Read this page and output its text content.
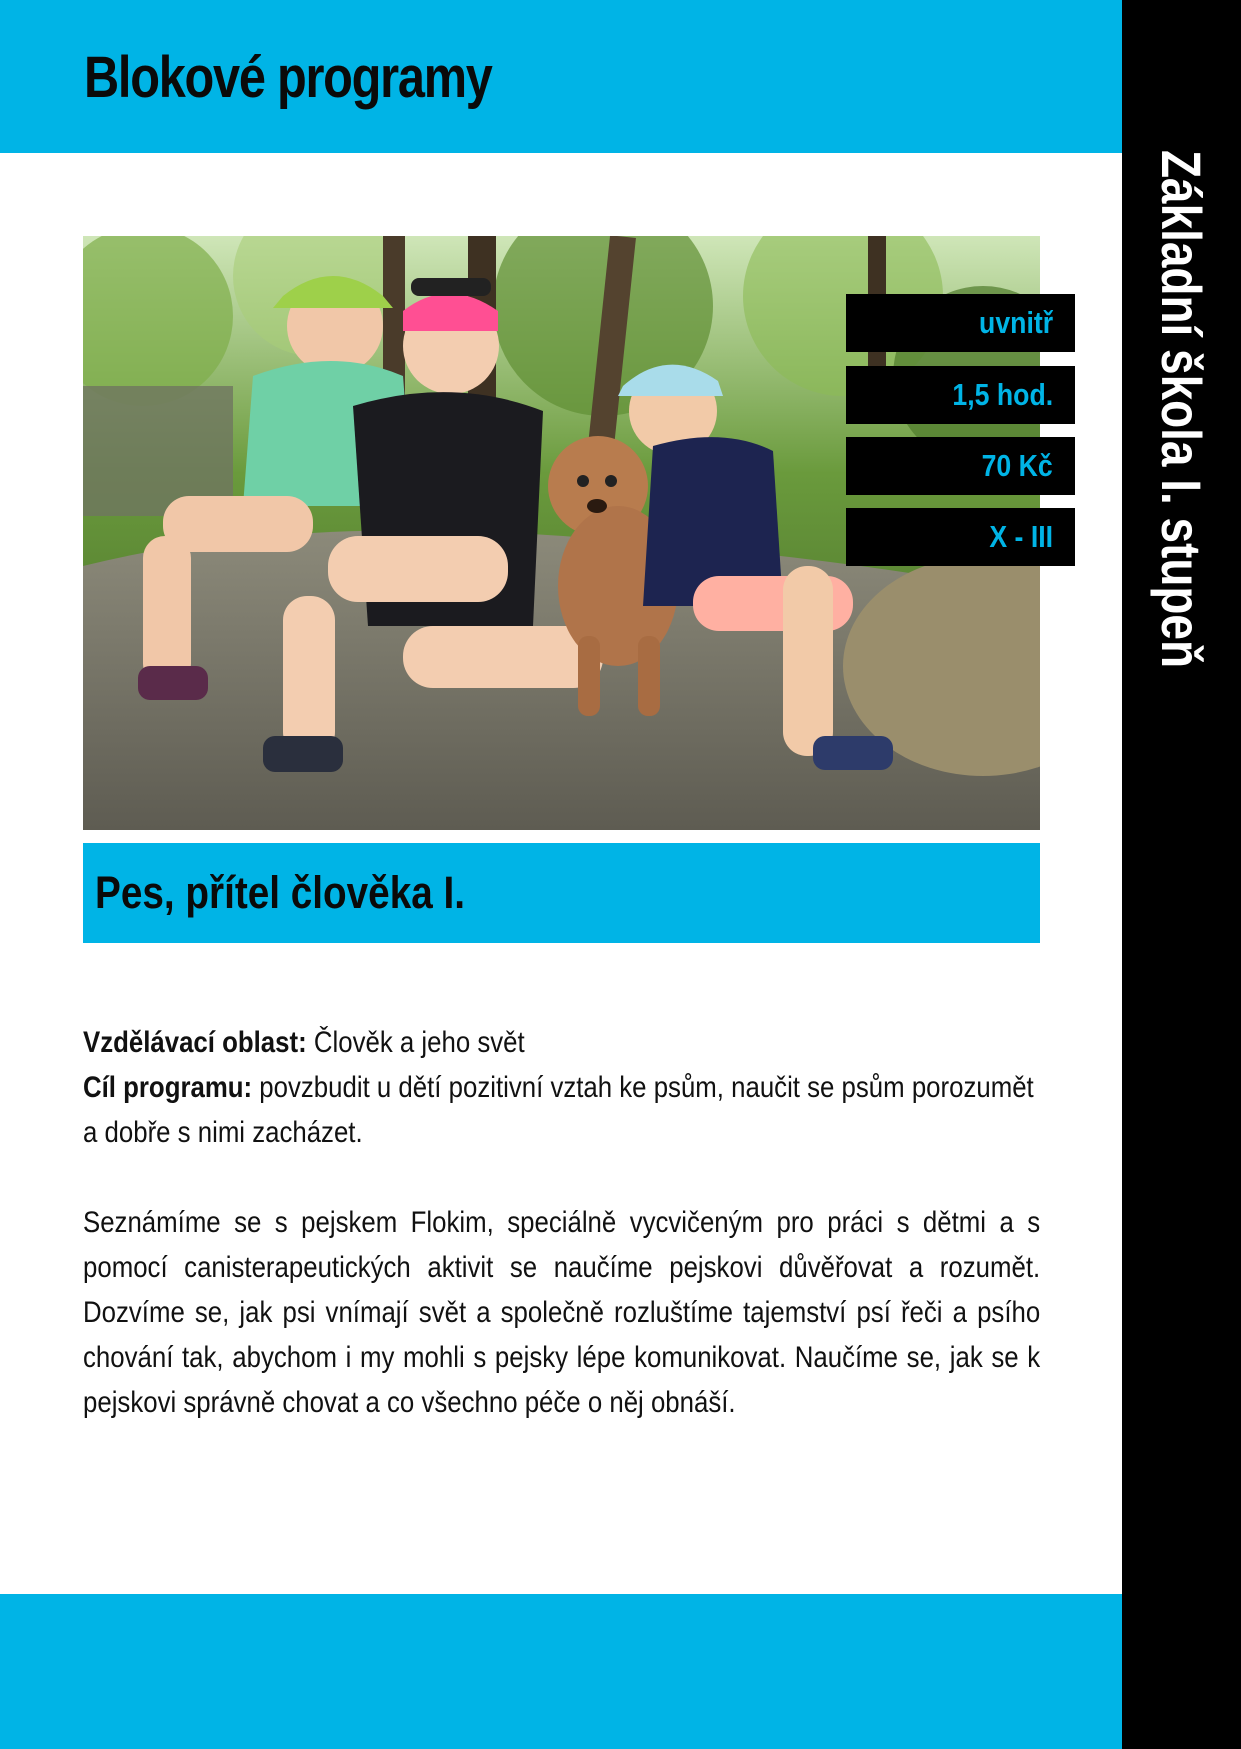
Blokové programy
Základní škola I. stupeň
uvnitř
1,5 hod.
70 Kč
X - III
Pes, přítel člověka I.

Vzdělávací oblast: Člověk a jeho svět

Cíl programu: povzbudit u dětí pozitivní vztah ke psům, naučit se psům porozumět

a dobře s nimi zacházet.

Seznámíme se s pejskem Flokim, speciálně vycvičeným pro práci s dětmi a s pomocí canisterapeutických aktivit se naučíme pejskovi důvěřovat a rozumět. Dozvíme se, jak psi vnímají svět a společně rozluštíme tajemství psí řeči a psího chování tak, abychom i my mohli s pejsky lépe komunikovat. Naučíme se, jak se k pejskovi správně chovat a co všechno péče o něj obnáší.
